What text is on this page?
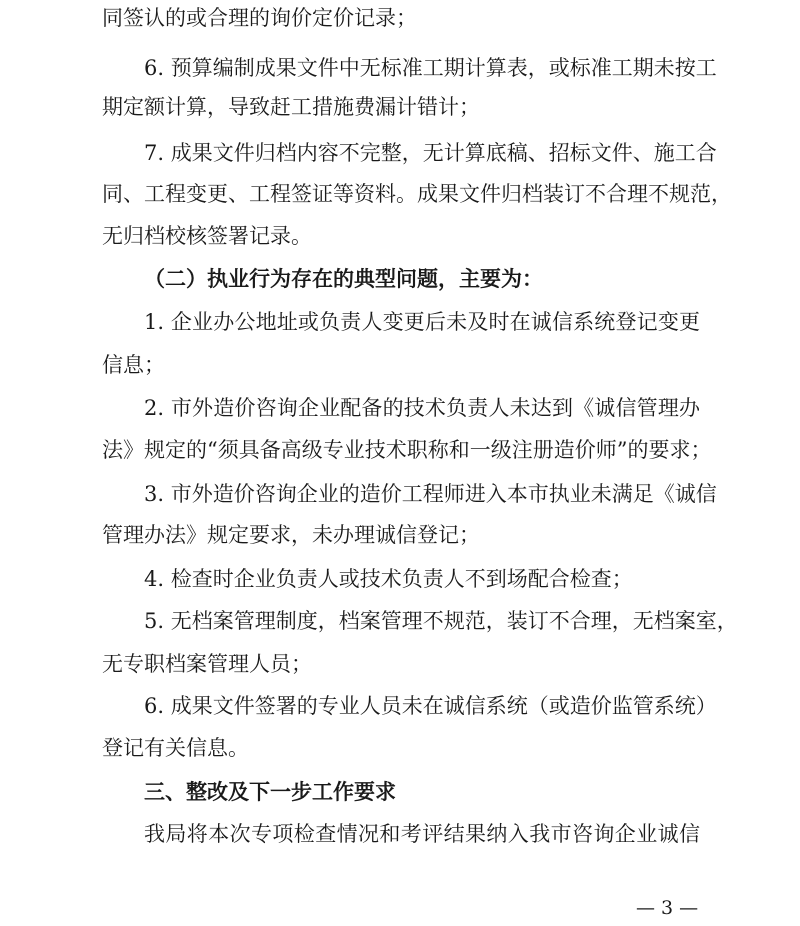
同签认的或合理的询价定价记录；
6. 预算编制成果文件中无标准工期计算表，或标准工期未按工
期定额计算，导致赶工措施费漏计错计；
7. 成果文件归档内容不完整，无计算底稿、招标文件、施工合
同、工程变更、工程签证等资料。成果文件归档装订不合理不规范，
无归档校核签署记录。
（二）执业行为存在的典型问题，主要为：
1. 企业办公地址或负责人变更后未及时在诚信系统登记变更
信息；
2. 市外造价咨询企业配备的技术负责人未达到《诚信管理办
法》规定的“须具备高级专业技术职称和一级注册造价师”的要求；
3. 市外造价咨询企业的造价工程师进入本市执业未满足《诚信
管理办法》规定要求，未办理诚信登记；
4. 检查时企业负责人或技术负责人不到场配合检查；
5. 无档案管理制度，档案管理不规范，装订不合理，无档案室，
无专职档案管理人员；
6. 成果文件签署的专业人员未在诚信系统（或造价监管系统）
登记有关信息。
三、整改及下一步工作要求
我局将本次专项检查情况和考评结果纳入我市咨询企业诚信
— 3 —
